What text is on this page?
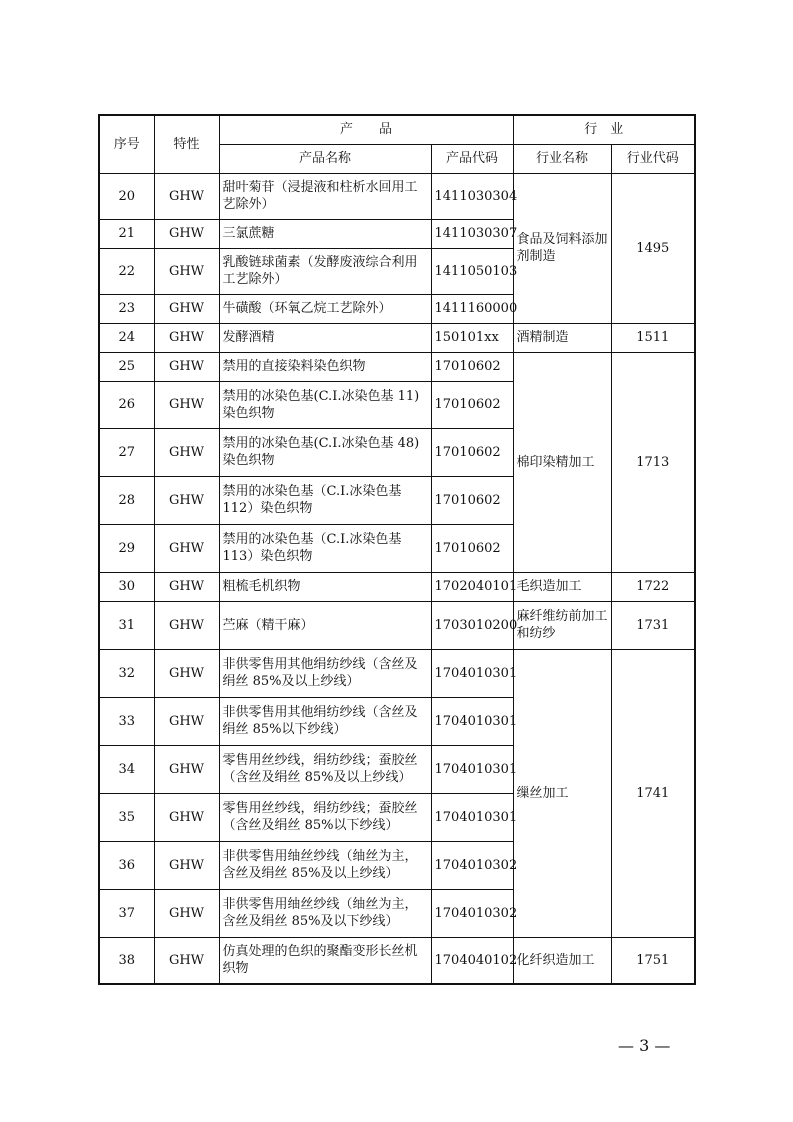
序号	特性	产　　品		行　业	
		产品名称	产品代码	行业名称	行业代码
20	GHW	甜叶菊苷（浸提液和柱析水回用工艺除外）	1411030304	食品及饲料添加剂制造	1495
21	GHW	三氯蔗糖	1411030307		
22	GHW	乳酸链球菌素（发酵废液综合利用工艺除外）	1411050103		
23	GHW	牛磺酸（环氧乙烷工艺除外）	1411160000		
24	GHW	发酵酒精	150101xx	酒精制造	1511
25	GHW	禁用的直接染料染色织物	17010602	棉印染精加工	1713
26	GHW	禁用的冰染色基(C.I.冰染色基 11)染色织物	17010602		
27	GHW	禁用的冰染色基(C.I.冰染色基 48)染色织物	17010602		
28	GHW	禁用的冰染色基（C.I.冰染色基 112）染色织物	17010602		
29	GHW	禁用的冰染色基（C.I.冰染色基 113）染色织物	17010602		
30	GHW	粗梳毛机织物	1702040101	毛织造加工	1722
31	GHW	苎麻（精干麻）	1703010200	麻纤维纺前加工和纺纱	1731
32	GHW	非供零售用其他绢纺纱线（含丝及绢丝 85%及以上纱线）	1704010301	缫丝加工	1741
33	GHW	非供零售用其他绢纺纱线（含丝及绢丝 85%以下纱线）	1704010301		
34	GHW	零售用丝纱线，绢纺纱线；蚕胶丝（含丝及绢丝 85%及以上纱线）	1704010301		
35	GHW	零售用丝纱线，绢纺纱线；蚕胶丝（含丝及绢丝 85%以下纱线）	1704010301		
36	GHW	非供零售用䌷丝纱线（䌷丝为主，含丝及绢丝 85%及以上纱线）	1704010302		
37	GHW	非供零售用䌷丝纱线（䌷丝为主，含丝及绢丝 85%及以下纱线）	1704010302		
38	GHW	仿真处理的色织的聚酯变形长丝机织物	1704040102	化纤织造加工	1751
— 3 —
